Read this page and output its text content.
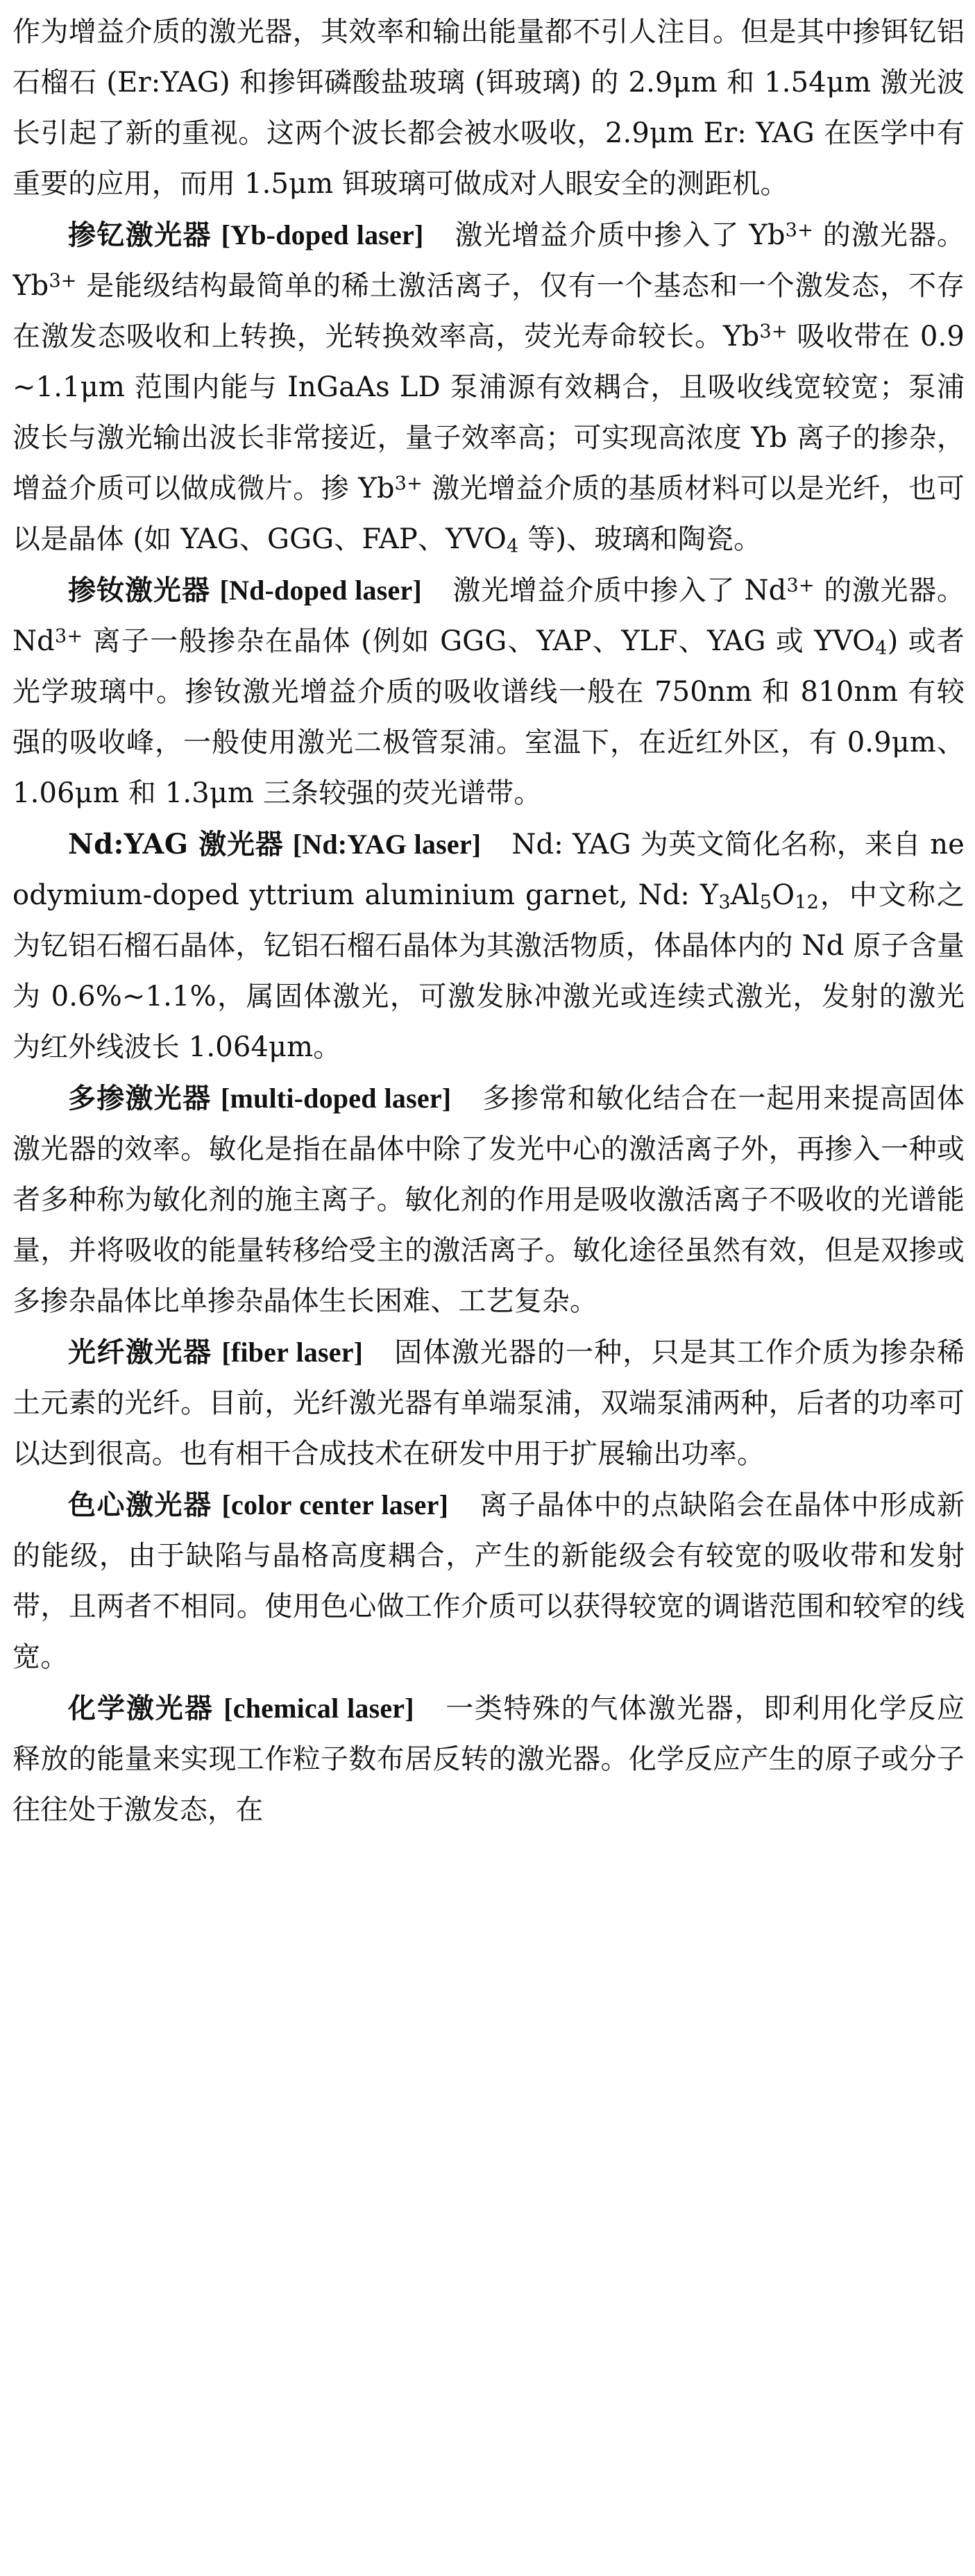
作为增益介质的激光器，其效率和输出能量都不引人注目。但是其中掺铒钇铝石榴石 (Er:YAG) 和掺铒磷酸盐玻璃 (铒玻璃) 的 2.9μm 和 1.54μm 激光波长引起了新的重视。这两个波长都会被水吸收，2.9μm Er: YAG 在医学中有重要的应用，而用 1.5μm 铒玻璃可做成对人眼安全的测距机。

掺钇激光器 [Yb-doped laser] 激光增益介质中掺入了 $Yb^{3+}$ 的激光器。$Yb^{3+}$ 是能级结构最简单的稀土激活离子，仅有一个基态和一个激发态，不存在激发态吸收和上转换，光转换效率高，荧光寿命较长。$Yb^{3+}$ 吸收带在 0.9∼1.1μm 范围内能与 InGaAs LD 泵浦源有效耦合，且吸收线宽较宽；泵浦波长与激光输出波长非常接近，量子效率高；可实现高浓度 Yb 离子的掺杂，增益介质可以做成微片。掺 $Yb^{3+}$ 激光增益介质的基质材料可以是光纤，也可以是晶体 (如 YAG、GGG、FAP、$YVO_4$ 等)、玻璃和陶瓷。

掺钕激光器 [Nd-doped laser] 激光增益介质中掺入了 $Nd^{3+}$ 的激光器。$Nd^{3+}$ 离子一般掺杂在晶体 (例如 GGG、YAP、YLF、YAG 或 $YVO_4$) 或者光学玻璃中。掺钕激光增益介质的吸收谱线一般在 750nm 和 810nm 有较强的吸收峰，一般使用激光二极管泵浦。室温下，在近红外区，有 0.9μm、1.06μm 和 1.3μm 三条较强的荧光谱带。

Nd:YAG 激光器 [Nd:YAG laser] Nd: YAG 为英文简化名称，来自 neodymium-doped yttrium aluminium garnet, Nd: $Y_3Al_5O_{12}$，中文称之为钇铝石榴石晶体，钇铝石榴石晶体为其激活物质，体晶体内的 Nd 原子含量为 0.6%∼1.1%，属固体激光，可激发脉冲激光或连续式激光，发射的激光为红外线波长 1.064μm。

多掺激光器 [multi-doped laser] 多掺常和敏化结合在一起用来提高固体激光器的效率。敏化是指在晶体中除了发光中心的激活离子外，再掺入一种或者多种称为敏化剂的施主离子。敏化剂的作用是吸收激活离子不吸收的光谱能量，并将吸收的能量转移给受主的激活离子。敏化途径虽然有效，但是双掺或多掺杂晶体比单掺杂晶体生长困难、工艺复杂。

光纤激光器 [fiber laser] 固体激光器的一种，只是其工作介质为掺杂稀土元素的光纤。目前，光纤激光器有单端泵浦，双端泵浦两种，后者的功率可以达到很高。也有相干合成技术在研发中用于扩展输出功率。

色心激光器 [color center laser] 离子晶体中的点缺陷会在晶体中形成新的能级，由于缺陷与晶格高度耦合，产生的新能级会有较宽的吸收带和发射带，且两者不相同。使用色心做工作介质可以获得较宽的调谐范围和较窄的线宽。

化学激光器 [chemical laser] 一类特殊的气体激光器，即利用化学反应释放的能量来实现工作粒子数布居反转的激光器。化学反应产生的原子或分子往往处于激发态，在
